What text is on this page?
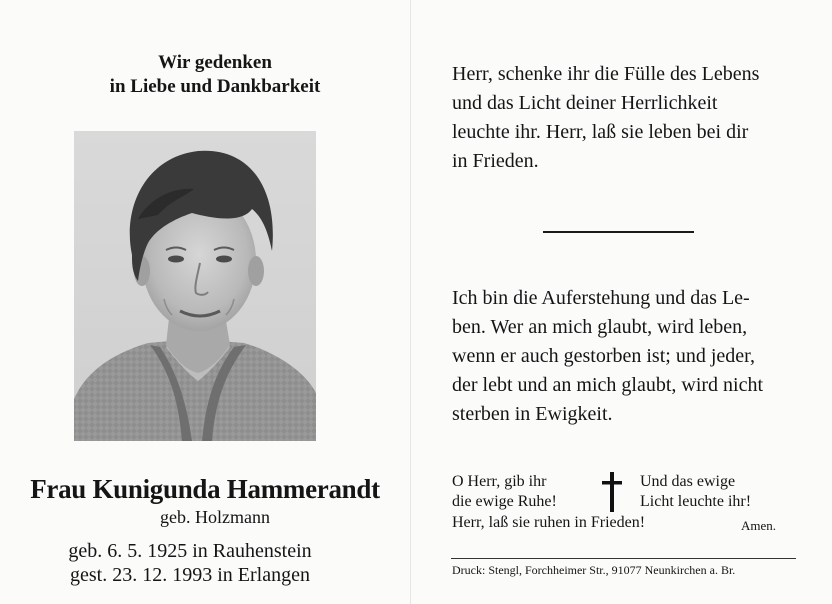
Wir gedenken
in Liebe und Dankbarkeit
Frau Kunigunda Hammerandt
geb. Holzmann
geb. 6. 5. 1925 in Rauhenstein
gest. 23. 12. 1993 in Erlangen
Herr, schenke ihr die Fülle des Lebens
und das Licht deiner Herrlichkeit
leuchte ihr. Herr, laß sie leben bei dir
in Frieden.
Ich bin die Auferstehung und das Le-
ben. Wer an mich glaubt, wird leben,
wenn er auch gestorben ist; und jeder,
der lebt und an mich glaubt, wird nicht
sterben in Ewigkeit.
O Herr, gib ihr
die ewige Ruhe!
Und das ewige
Licht leuchte ihr!
Herr, laß sie ruhen in Frieden!	Amen.
Druck: Stengl, Forchheimer Str., 91077 Neunkirchen a. Br.
